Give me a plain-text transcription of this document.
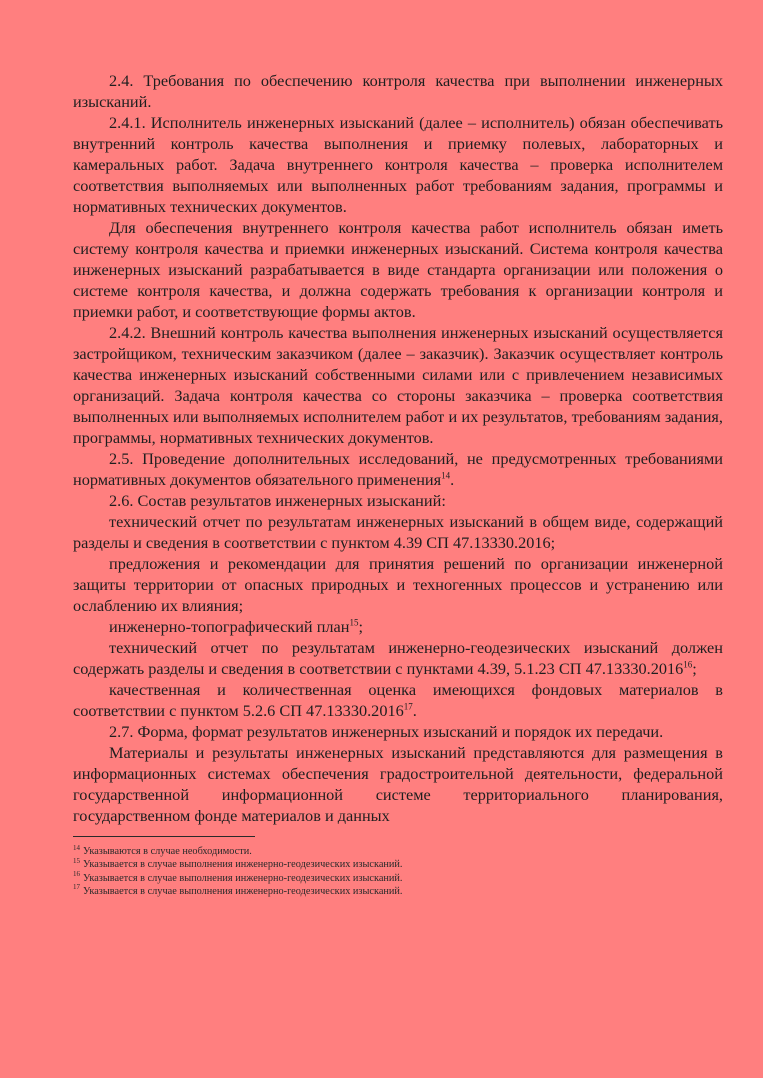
2.4. Требования по обеспечению контроля качества при выполнении инженерных изысканий.

2.4.1. Исполнитель инженерных изысканий (далее – исполнитель) обязан обеспечивать внутренний контроль качества выполнения и приемку полевых, лабораторных и камеральных работ. Задача внутреннего контроля качества – проверка исполнителем соответствия выполняемых или выполненных работ требованиям задания, программы и нормативных технических документов.

Для обеспечения внутреннего контроля качества работ исполнитель обязан иметь систему контроля качества и приемки инженерных изысканий. Система контроля качества инженерных изысканий разрабатывается в виде стандарта организации или положения о системе контроля качества, и должна содержать требования к организации контроля и приемки работ, и соответствующие формы актов.

2.4.2. Внешний контроль качества выполнения инженерных изысканий осуществляется застройщиком, техническим заказчиком (далее – заказчик). Заказчик осуществляет контроль качества инженерных изысканий собственными силами или с привлечением независимых организаций. Задача контроля качества со стороны заказчика – проверка соответствия выполненных или выполняемых исполнителем работ и их результатов, требованиям задания, программы, нормативных технических документов.

2.5. Проведение дополнительных исследований, не предусмотренных требованиями нормативных документов обязательного применения$^{14}$.

2.6. Состав результатов инженерных изысканий:

технический отчет по результатам инженерных изысканий в общем виде, содержащий разделы и сведения в соответствии с пунктом 4.39 СП 47.13330.2016;

предложения и рекомендации для принятия решений по организации инженерной защиты территории от опасных природных и техногенных процессов и устранению или ослаблению их влияния;

инженерно-топографический план$^{15}$;

технический отчет по результатам инженерно-геодезических изысканий должен содержать разделы и сведения в соответствии с пунктами 4.39, 5.1.23 СП 47.13330.2016$^{16}$;

качественная и количественная оценка имеющихся фондовых материалов в соответствии с пунктом 5.2.6 СП 47.13330.2016$^{17}$.

2.7. Форма, формат результатов инженерных изысканий и порядок их передачи.

Материалы и результаты инженерных изысканий представляются для размещения в информационных системах обеспечения градостроительной деятельности, федеральной государственной информационной системе территориального планирования, государственном фонде материалов и данных

$^{14}$ Указываются в случае необходимости.

$^{15}$ Указывается в случае выполнения инженерно-геодезических изысканий.

$^{16}$ Указывается в случае выполнения инженерно-геодезических изысканий.

$^{17}$ Указывается в случае выполнения инженерно-геодезических изысканий.
